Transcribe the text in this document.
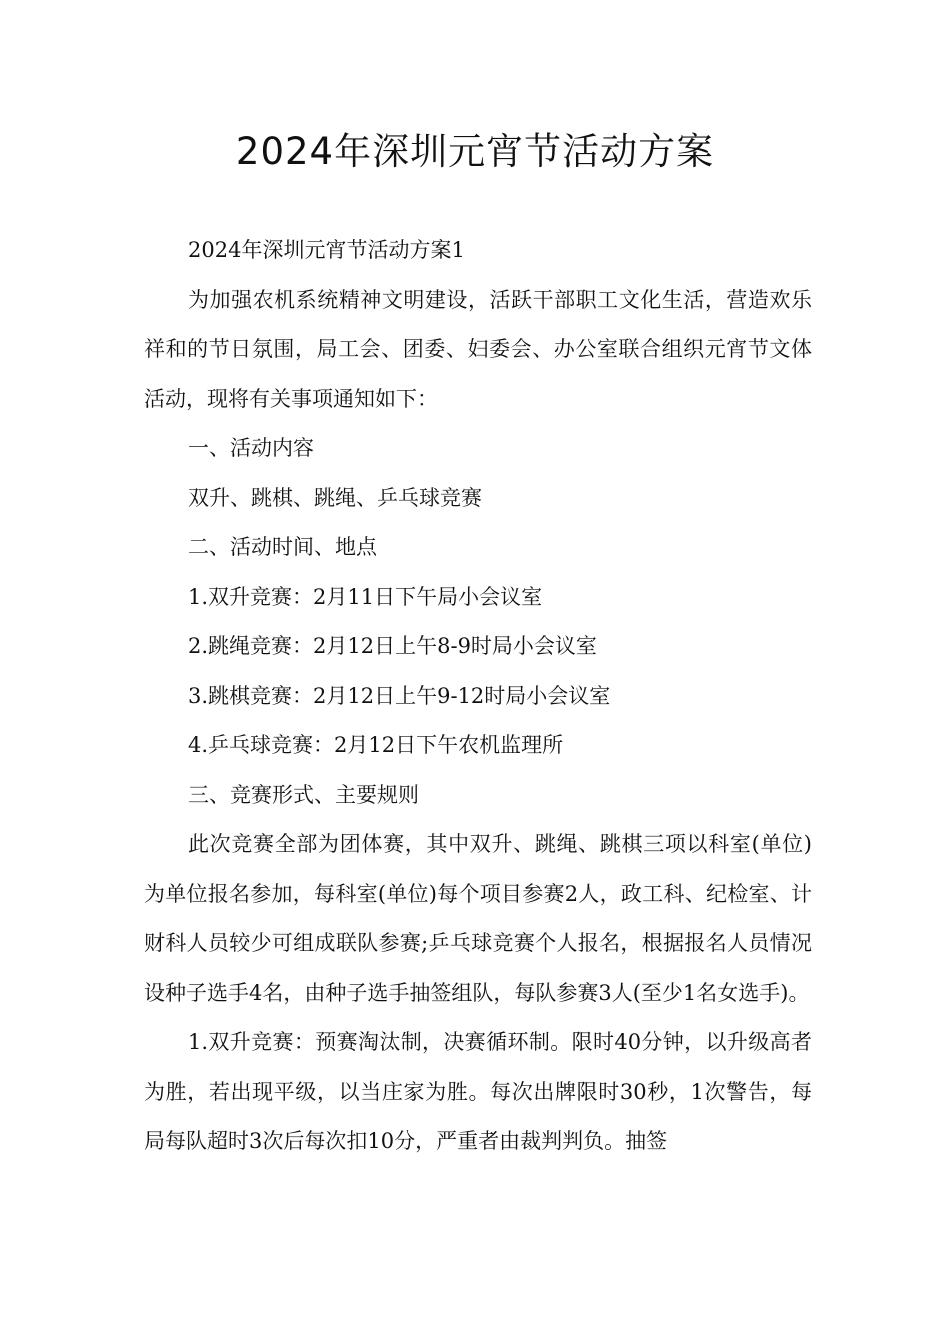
2024年深圳元宵节活动方案

2024年深圳元宵节活动方案1

为加强农机系统精神文明建设，活跃干部职工文化生活，营造欢乐祥和的节日氛围，局工会、团委、妇委会、办公室联合组织元宵节文体活动，现将有关事项通知如下：

一、活动内容

双升、跳棋、跳绳、乒乓球竞赛

二、活动时间、地点

1.双升竞赛：2月11日下午局小会议室

2.跳绳竞赛：2月12日上午8-9时局小会议室

3.跳棋竞赛：2月12日上午9-12时局小会议室

4.乒乓球竞赛：2月12日下午农机监理所

三、竞赛形式、主要规则

此次竞赛全部为团体赛，其中双升、跳绳、跳棋三项以科室(单位)为单位报名参加，每科室(单位)每个项目参赛2人，政工科、纪检室、计财科人员较少可组成联队参赛;乒乓球竞赛个人报名，根据报名人员情况设种子选手4名，由种子选手抽签组队，每队参赛3人(至少1名女选手)。

1.双升竞赛：预赛淘汰制，决赛循环制。限时40分钟，以升级高者为胜，若出现平级，以当庄家为胜。每次出牌限时30秒，1次警告，每局每队超时3次后每次扣10分，严重者由裁判判负。抽签
